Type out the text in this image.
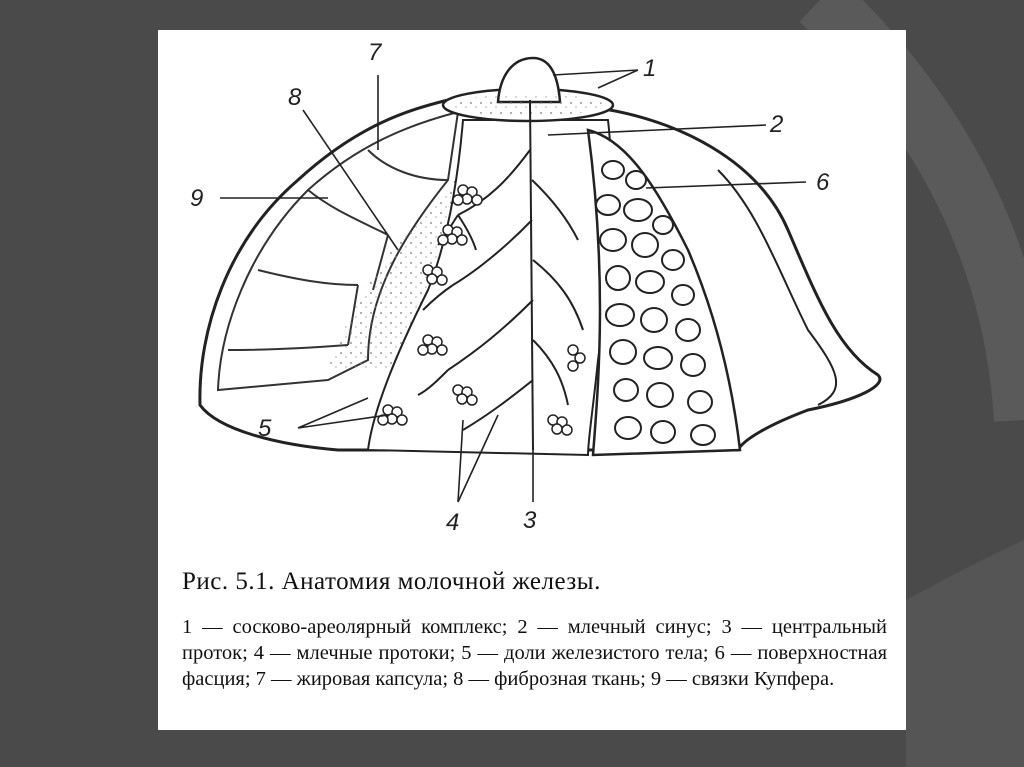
1
2
3
4
5
6
7
8
9
Рис. 5.1. Анатомия молочной железы.
1 — сосково-ареолярный комплекс; 2 — млечный синус; 3 — центральный проток; 4 — млечные протоки; 5 — доли железистого тела; 6 — поверхностная фасция; 7 — жировая капсула; 8 — фиброзная ткань; 9 — связки Купфера.
